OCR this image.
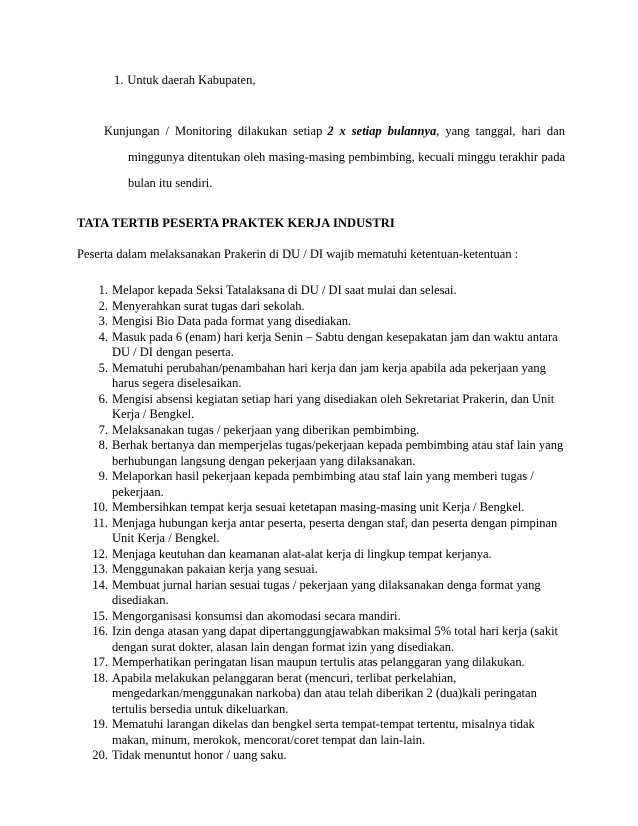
1. Untuk daerah Kabupaten,

Kunjungan / Monitoring dilakukan setiap 2 x setiap bulannya, yang tanggal, hari dan minggunya ditentukan oleh masing-masing pembimbing, kecuali minggu terakhir pada bulan itu sendiri.

TATA TERTIB PESERTA PRAKTEK KERJA INDUSTRI
Peserta dalam melaksanakan Prakerin di DU / DI wajib mematuhi ketentuan-ketentuan :
1. Melapor kepada Seksi Tatalaksana di DU / DI saat mulai dan selesai.
2. Menyerahkan surat tugas dari sekolah.
3. Mengisi Bio Data pada format yang disediakan.
4. Masuk pada 6 (enam) hari kerja Senin – Sabtu dengan kesepakatan jam dan waktu antara DU / DI dengan peserta.
5. Mematuhi perubahan/penambahan hari kerja dan jam kerja apabila ada pekerjaan yang harus segera diselesaikan.
6. Mengisi absensi kegiatan setiap hari yang disediakan oleh Sekretariat Prakerin, dan Unit Kerja / Bengkel.
7. Melaksanakan tugas / pekerjaan yang diberikan pembimbing.
8. Berhak bertanya dan memperjelas tugas/pekerjaan kepada pembimbing atau staf lain yang berhubungan langsung dengan pekerjaan yang dilaksanakan.
9. Melaporkan hasil pekerjaan kepada pembimbing atau staf lain yang memberi tugas / pekerjaan.
10. Membersihkan tempat kerja sesuai ketetapan masing-masing unit Kerja / Bengkel.
11. Menjaga hubungan kerja antar peserta, peserta dengan staf, dan peserta dengan pimpinan Unit Kerja / Bengkel.
12. Menjaga keutuhan dan keamanan alat-alat kerja di lingkup tempat kerjanya.
13. Menggunakan pakaian kerja yang sesuai.
14. Membuat jurnal harian sesuai tugas / pekerjaan yang dilaksanakan denga format yang disediakan.
15. Mengorganisasi konsumsi dan akomodasi secara mandiri.
16. Izin denga atasan yang dapat dipertanggungjawabkan maksimal 5% total hari kerja (sakit dengan surat dokter, alasan lain dengan format izin yang disediakan.
17. Memperhatikan peringatan lisan maupun tertulis atas pelanggaran yang dilakukan.
18. Apabila melakukan pelanggaran berat (mencuri, terlibat perkelahian, mengedarkan/menggunakan narkoba) dan atau telah diberikan 2 (dua)kali peringatan tertulis bersedia untuk dikeluarkan.
19. Mematuhi larangan dikelas dan bengkel serta tempat-tempat tertentu, misalnya tidak makan, minum, merokok, mencorat/coret tempat dan lain-lain.
20. Tidak menuntut honor / uang saku.
